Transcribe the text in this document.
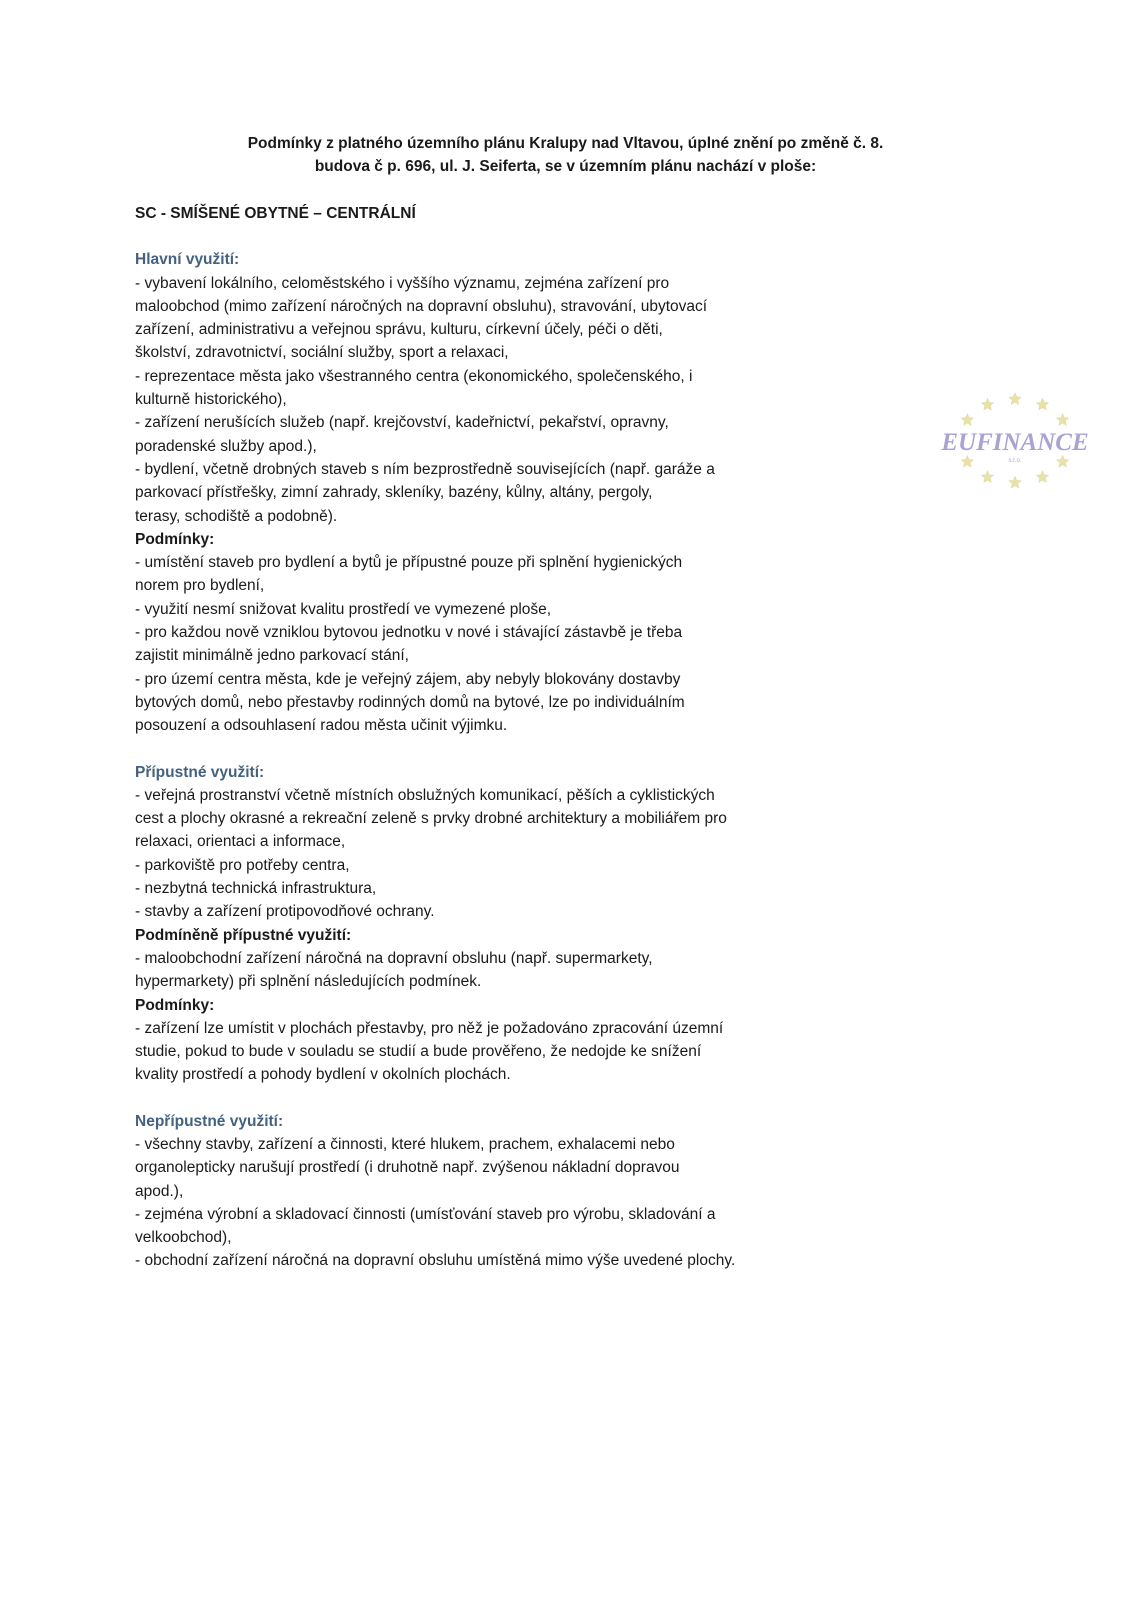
Podmínky z platného územního plánu Kralupy nad Vltavou, úplné znění po změně č. 8.
budova č p. 696, ul. J. Seiferta, se v územním plánu nachází v ploše:

SC - SMÍŠENÉ OBYTNÉ – CENTRÁLNÍ

Hlavní využití:

- vybavení lokálního, celoměstského i vyššího významu, zejména zařízení pro

maloobchod (mimo zařízení náročných na dopravní obsluhu), stravování, ubytovací

zařízení, administrativu a veřejnou správu, kulturu, církevní účely, péči o děti,

školství, zdravotnictví, sociální služby, sport a relaxaci,

- reprezentace města jako všestranného centra (ekonomického, společenského, i

kulturně historického),

- zařízení nerušících služeb (např. krejčovství, kadeřnictví, pekařství, opravny,

poradenské služby apod.),

- bydlení, včetně drobných staveb s ním bezprostředně souvisejících (např. garáže a

parkovací přístřešky, zimní zahrady, skleníky, bazény, kůlny, altány, pergoly,

terasy, schodiště a podobně).

Podmínky:

- umístění staveb pro bydlení a bytů je přípustné pouze při splnění hygienických

norem pro bydlení,

- využití nesmí snižovat kvalitu prostředí ve vymezené ploše,

- pro každou nově vzniklou bytovou jednotku v nové i stávající zástavbě je třeba

zajistit minimálně jedno parkovací stání,

- pro území centra města, kde je veřejný zájem, aby nebyly blokovány dostavby

bytových domů, nebo přestavby rodinných domů na bytové, lze po individuálním

posouzení a odsouhlasení radou města učinit výjimku.

Přípustné využití:

- veřejná prostranství včetně místních obslužných komunikací, pěších a cyklistických

cest a plochy okrasné a rekreační zeleně s prvky drobné architektury a mobiliářem pro

relaxaci, orientaci a informace,

- parkoviště pro potřeby centra,

- nezbytná technická infrastruktura,

- stavby a zařízení protipovodňové ochrany.

Podmíněně přípustné využití:

- maloobchodní zařízení náročná na dopravní obsluhu (např. supermarkety,

hypermarkety) při splnění následujících podmínek.

Podmínky:

- zařízení lze umístit v plochách přestavby, pro něž je požadováno zpracování územní

studie, pokud to bude v souladu se studií a bude prověřeno, že nedojde ke snížení

kvality prostředí a pohody bydlení v okolních plochách.

Nepřípustné využití:

- všechny stavby, zařízení a činnosti, které hlukem, prachem, exhalacemi nebo

organolepticky narušují prostředí (i druhotně např. zvýšenou nákladní dopravou

apod.),

- zejména výrobní a skladovací činnosti (umísťování staveb pro výrobu, skladování a

velkoobchod),

- obchodní zařízení náročná na dopravní obsluhu umístěná mimo výše uvedené plochy.

EUFINANCE
s.r.o.
